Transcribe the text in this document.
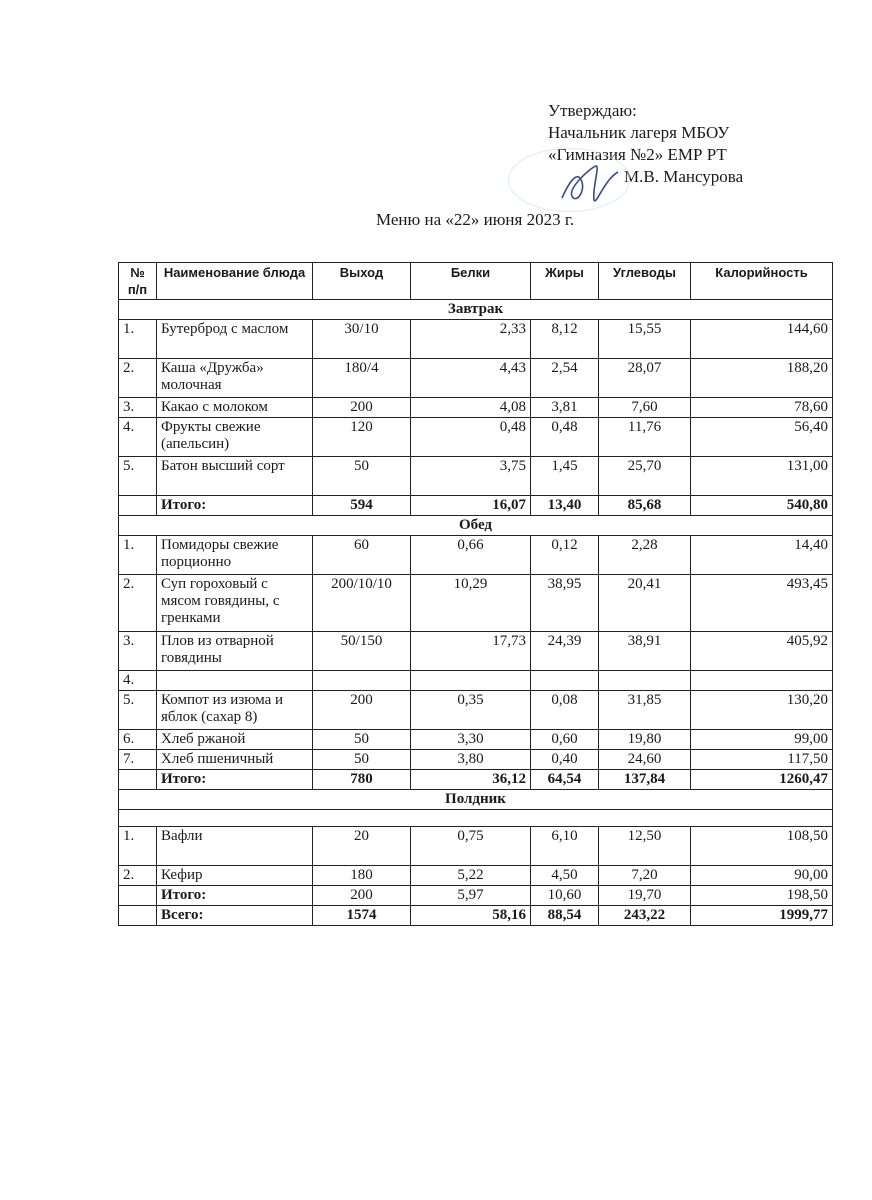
Утверждаю:
Начальник лагеря МБОУ
«Гимназия №2» ЕМР РТ
М.В. Мансурова
Меню на «22» июня 2023 г.
№ п/п	Наименование блюда	Выход	Белки	Жиры	Углеводы	Калорийность
Завтрак						
1.	Бутерброд с маслом	30/10	2,33	8,12	15,55	144,60
2.	Каша «Дружба» молочная	180/4	4,43	2,54	28,07	188,20
3.	Какао с молоком	200	4,08	3,81	7,60	78,60
4.	Фрукты свежие (апельсин)	120	0,48	0,48	11,76	56,40
5.	Батон высший сорт	50	3,75	1,45	25,70	131,00
	Итого:	594	16,07	13,40	85,68	540,80
Обед						
1.	Помидоры свежие порционно	60	0,66	0,12	2,28	14,40
2.	Суп гороховый с мясом говядины, с гренками	200/10/10	10,29	38,95	20,41	493,45
3.	Плов из отварной говядины	50/150	17,73	24,39	38,91	405,92
4.						
5.	Компот из изюма и яблок (сахар 8)	200	0,35	0,08	31,85	130,20
6.	Хлеб ржаной	50	3,30	0,60	19,80	99,00
7.	Хлеб пшеничный	50	3,80	0,40	24,60	117,50
	Итого:	780	36,12	64,54	137,84	1260,47
Полдник						

1.	Вафли	20	0,75	6,10	12,50	108,50
2.	Кефир	180	5,22	4,50	7,20	90,00
	Итого:	200	5,97	10,60	19,70	198,50
	Всего:	1574	58,16	88,54	243,22	1999,77
